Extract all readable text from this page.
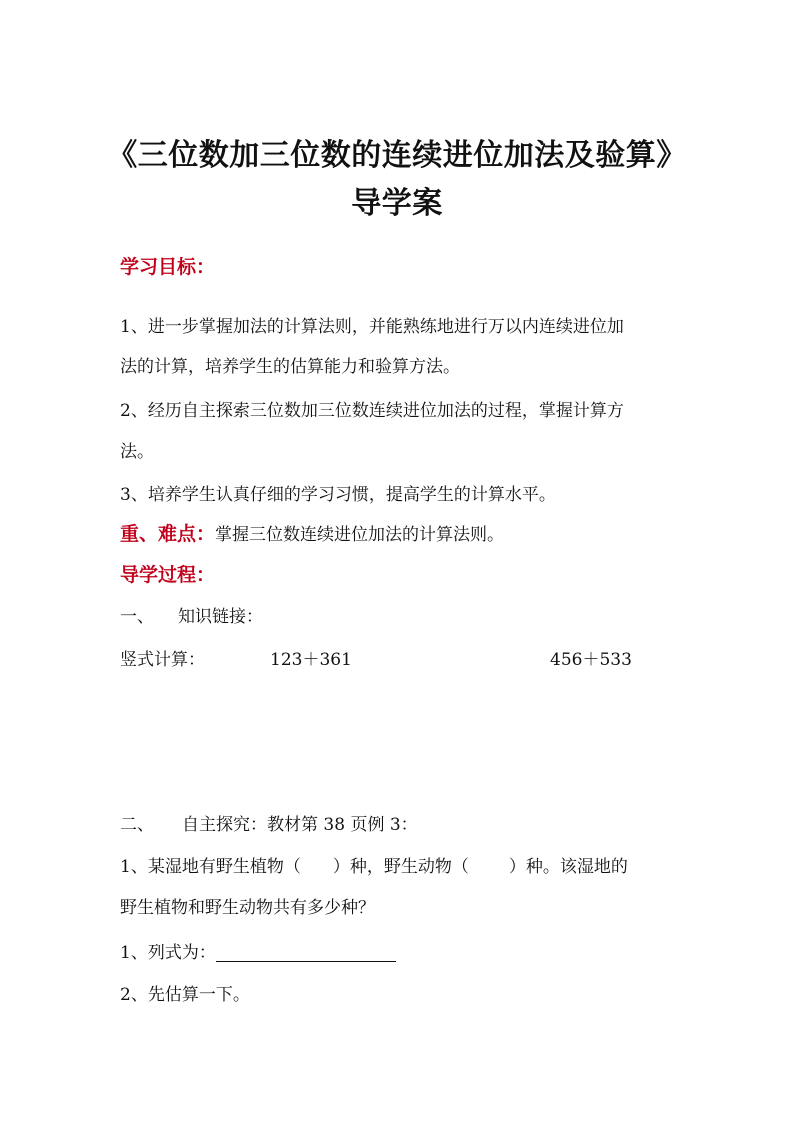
《三位数加三位数的连续进位加法及验算》
导学案
学习目标：
1、进一步掌握加法的计算法则，并能熟练地进行万以内连续进位加
法的计算，培养学生的估算能力和验算方法。
2、经历自主探索三位数加三位数连续进位加法的过程，掌握计算方
法。
3、培养学生认真仔细的学习习惯，提高学生的计算水平。
重、难点：掌握三位数连续进位加法的计算法则。
导学过程：
一、 知识链接：
竖式计算：	123＋361	456＋533
二、 自主探究：教材第 38 页例 3：
1、某湿地有野生植物（ ）种，野生动物（ ）种。该湿地的
野生植物和野生动物共有多少种？
1、列式为：
2、先估算一下。
